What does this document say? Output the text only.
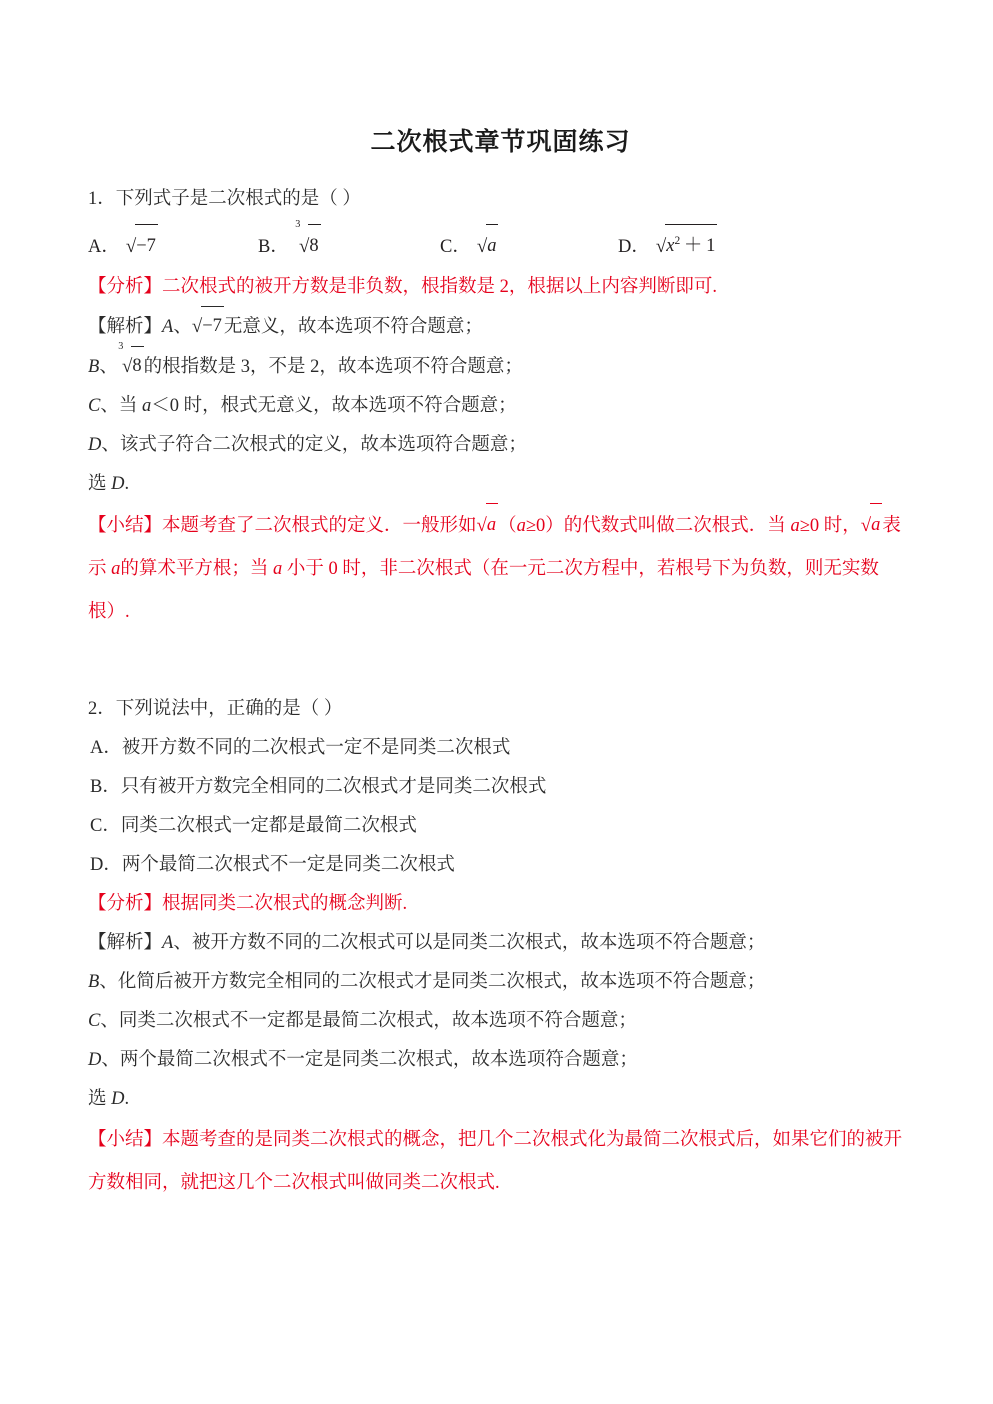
二次根式章节巩固练习
1．下列式子是二次根式的是（ ）
A． √−7	B．
3
√8	C． √a	D． $√x^2 + 1$
【分析】二次根式的被开方数是非负数，根指数是 2，根据以上内容判断即可.
【解析】A、√−7 无意义，故本选项不符合题意；
B、
3
√8 的根指数是 3，不是 2，故本选项不符合题意；
C、当 a＜0 时，根式无意义，故本选项不符合题意；
D、该式子符合二次根式的定义，故本选项符合题意；
选 D.
【小结】本题考查了二次根式的定义．一般形如√a （a≥0）的代数式叫做二次根式．当 a≥0 时，√a 表示 a的算术平方根；当 a 小于 0 时，非二次根式（在一元二次方程中，若根号下为负数，则无实数根）.
2．下列说法中，正确的是（ ）
A．被开方数不同的二次根式一定不是同类二次根式
B．只有被开方数完全相同的二次根式才是同类二次根式
C．同类二次根式一定都是最简二次根式
D．两个最简二次根式不一定是同类二次根式
【分析】根据同类二次根式的概念判断.
【解析】A、被开方数不同的二次根式可以是同类二次根式，故本选项不符合题意；
B、化简后被开方数完全相同的二次根式才是同类二次根式，故本选项不符合题意；
C、同类二次根式不一定都是最简二次根式，故本选项不符合题意；
D、两个最简二次根式不一定是同类二次根式，故本选项符合题意；
选 D.
【小结】本题考查的是同类二次根式的概念，把几个二次根式化为最简二次根式后，如果它们的被开方数相同，就把这几个二次根式叫做同类二次根式.
